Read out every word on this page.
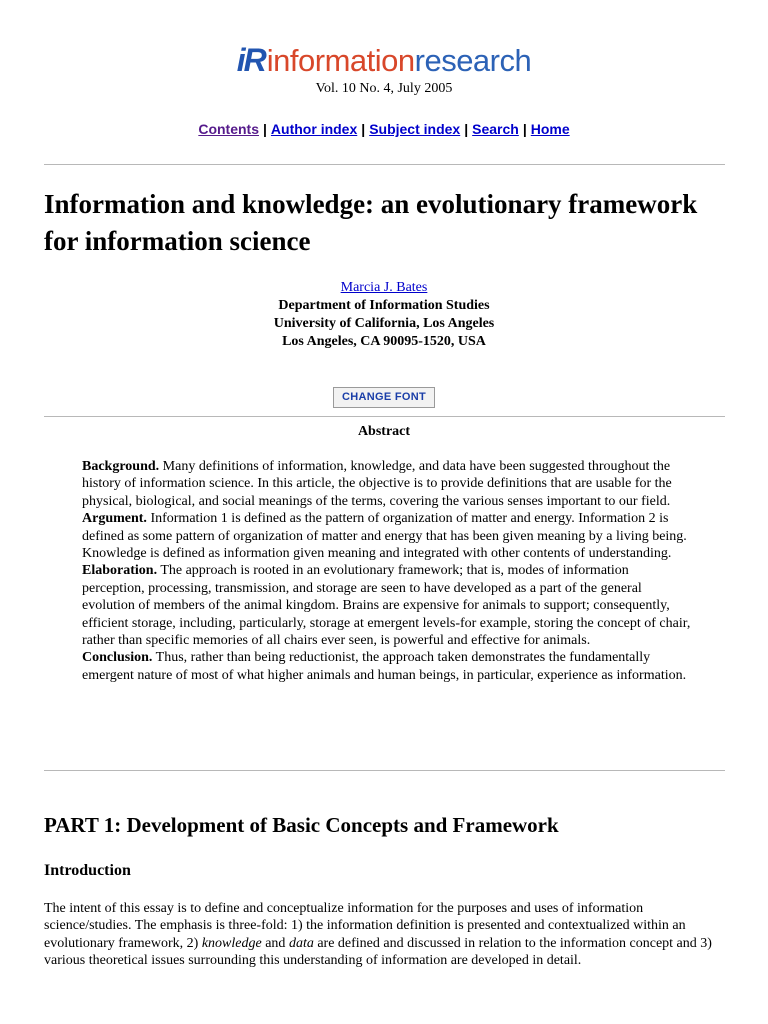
iR information research
Vol. 10 No. 4, July 2005
Contents | Author index | Subject index | Search | Home
Information and knowledge: an evolutionary framework for information science
Marcia J. Bates
Department of Information Studies
University of California, Los Angeles
Los Angeles, CA 90095-1520, USA
CHANGE FONT
Abstract

Background. Many definitions of information, knowledge, and data have been suggested throughout the history of information science. In this article, the objective is to provide definitions that are usable for the physical, biological, and social meanings of the terms, covering the various senses important to our field.

Argument. Information 1 is defined as the pattern of organization of matter and energy. Information 2 is defined as some pattern of organization of matter and energy that has been given meaning by a living being. Knowledge is defined as information given meaning and integrated with other contents of understanding.

Elaboration. The approach is rooted in an evolutionary framework; that is, modes of information perception, processing, transmission, and storage are seen to have developed as a part of the general evolution of members of the animal kingdom. Brains are expensive for animals to support; consequently, efficient storage, including, particularly, storage at emergent levels-for example, storing the concept of chair, rather than specific memories of all chairs ever seen, is powerful and effective for animals.

Conclusion. Thus, rather than being reductionist, the approach taken demonstrates the fundamentally emergent nature of most of what higher animals and human beings, in particular, experience as information.

PART 1: Development of Basic Concepts and Framework
Introduction

The intent of this essay is to define and conceptualize information for the purposes and uses of information science/studies. The emphasis is three-fold: 1) the information definition is presented and contextualized within an evolutionary framework, 2) knowledge and data are defined and discussed in relation to the information concept and 3) various theoretical issues surrounding this understanding of information are developed in detail.
